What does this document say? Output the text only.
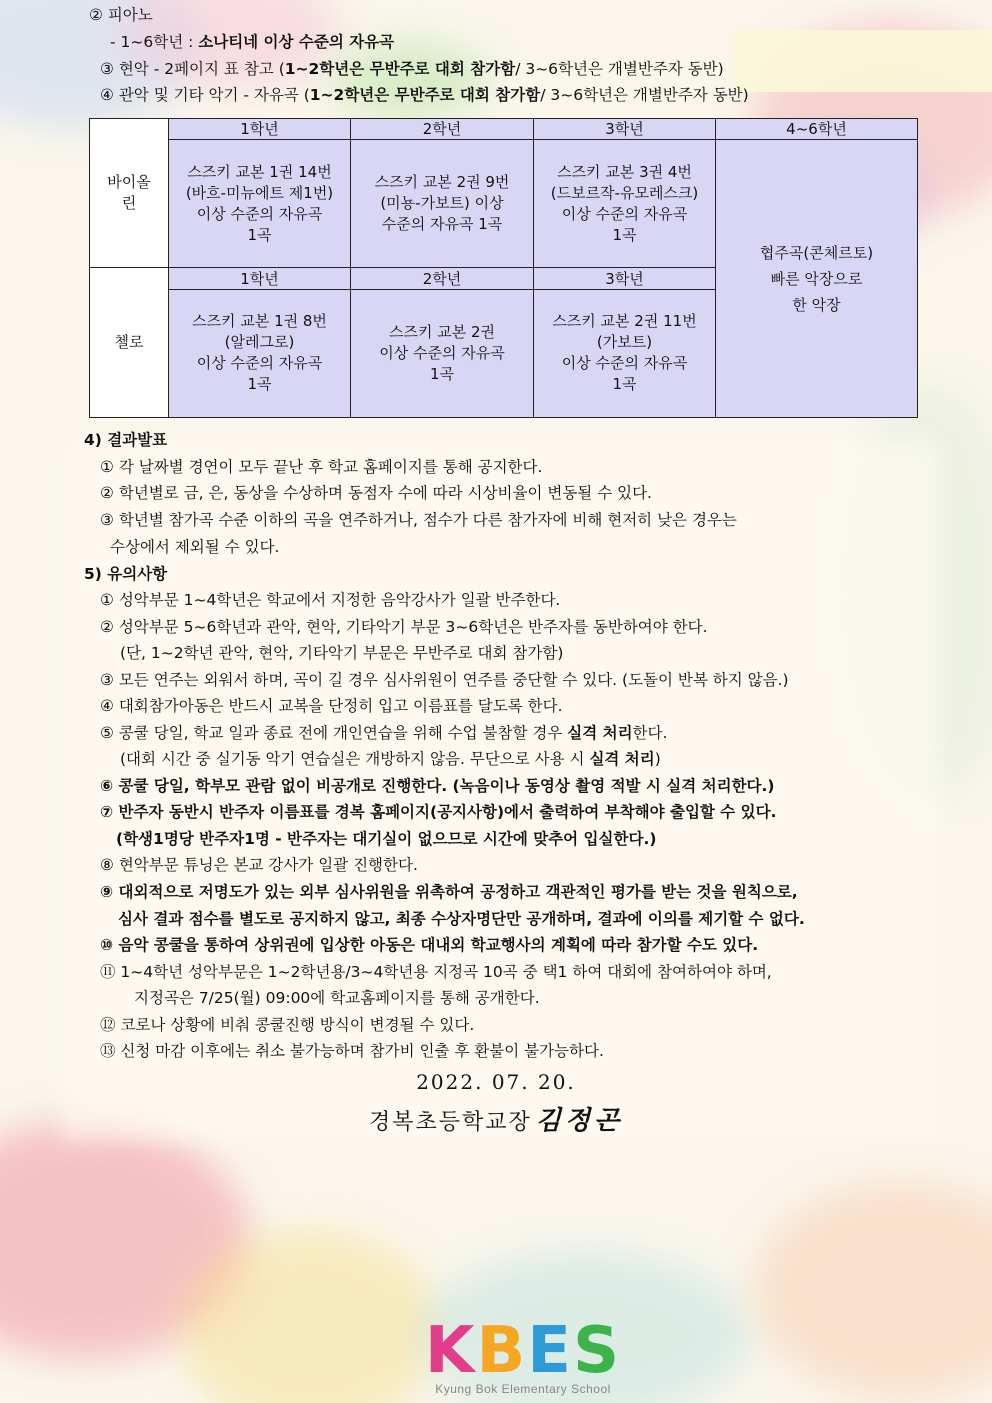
② 피아노
- 1~6학년 : 소나티네 이상 수준의 자유곡
③ 현악 - 2페이지 표 참고 (1~2학년은 무반주로 대회 참가함/ 3~6학년은 개별반주자 동반)
④ 관악 및 기타 악기 - 자유곡 (1~2학년은 무반주로 대회 참가함/ 3~6학년은 개별반주자 동반)
바이올
린	1학년	2학년	3학년	4~6학년
	스즈키 교본 1권 14번
(바흐-미뉴에트 제1번)
이상 수준의 자유곡
1곡	스즈키 교본 2권 9번
(미뇽-가보트) 이상
수준의 자유곡 1곡	스즈키 교본 3권 4번
(드보르작-유모레스크)
이상 수준의 자유곡
1곡	협주곡(콘체르토)
빠른 악장으로
한 악장
첼로	1학년	2학년	3학년	
	스즈키 교본 1권 8번
(알레그로)
이상 수준의 자유곡
1곡	스즈키 교본 2권
이상 수준의 자유곡
1곡	스즈키 교본 2권 11번
(가보트)
이상 수준의 자유곡
1곡	
4) 결과발표
① 각 날짜별 경연이 모두 끝난 후 학교 홈페이지를 통해 공지한다.
② 학년별로 금, 은, 동상을 수상하며 동점자 수에 따라 시상비율이 변동될 수 있다.
③ 학년별 참가곡 수준 이하의 곡을 연주하거나, 점수가 다른 참가자에 비해 현저히 낮은 경우는
수상에서 제외될 수 있다.
5) 유의사항
① 성악부문 1~4학년은 학교에서 지정한 음악강사가 일괄 반주한다.
② 성악부문 5~6학년과 관악, 현악, 기타악기 부문 3~6학년은 반주자를 동반하여야 한다.
(단, 1~2학년 관악, 현악, 기타악기 부문은 무반주로 대회 참가함)
③ 모든 연주는 외워서 하며, 곡이 길 경우 심사위원이 연주를 중단할 수 있다. (도돌이 반복 하지 않음.)
④ 대회참가아동은 반드시 교복을 단정히 입고 이름표를 달도록 한다.
⑤ 콩쿨 당일, 학교 일과 종료 전에 개인연습을 위해 수업 불참할 경우 실격 처리한다.
(대회 시간 중 실기동 악기 연습실은 개방하지 않음. 무단으로 사용 시 실격 처리)
⑥ 콩쿨 당일, 학부모 관람 없이 비공개로 진행한다. (녹음이나 동영상 촬영 적발 시 실격 처리한다.)
⑦ 반주자 동반시 반주자 이름표를 경복 홈페이지(공지사항)에서 출력하여 부착해야 출입할 수 있다.
(학생1명당 반주자1명 - 반주자는 대기실이 없으므로 시간에 맞추어 입실한다.)
⑧ 현악부문 튜닝은 본교 강사가 일괄 진행한다.
⑨ 대외적으로 저명도가 있는 외부 심사위원을 위촉하여 공정하고 객관적인 평가를 받는 것을 원칙으로,
심사 결과 점수를 별도로 공지하지 않고, 최종 수상자명단만 공개하며, 결과에 이의를 제기할 수 없다.
⑩ 음악 콩쿨을 통하여 상위권에 입상한 아동은 대내외 학교행사의 계획에 따라 참가할 수도 있다.
⑪ 1~4학년 성악부문은 1~2학년용/3~4학년용 지정곡 10곡 중 택1 하여 대회에 참여하여야 하며,
지정곡은 7/25(월) 09:00에 학교홈페이지를 통해 공개한다.
⑫ 코로나 상황에 비춰 콩쿨진행 방식이 변경될 수 있다.
⑬ 신청 마감 이후에는 취소 불가능하며 참가비 인출 후 환불이 불가능하다.
2022. 07. 20.
경복초등학교장 김정곤
KBES
Kyung Bok Elementary School
